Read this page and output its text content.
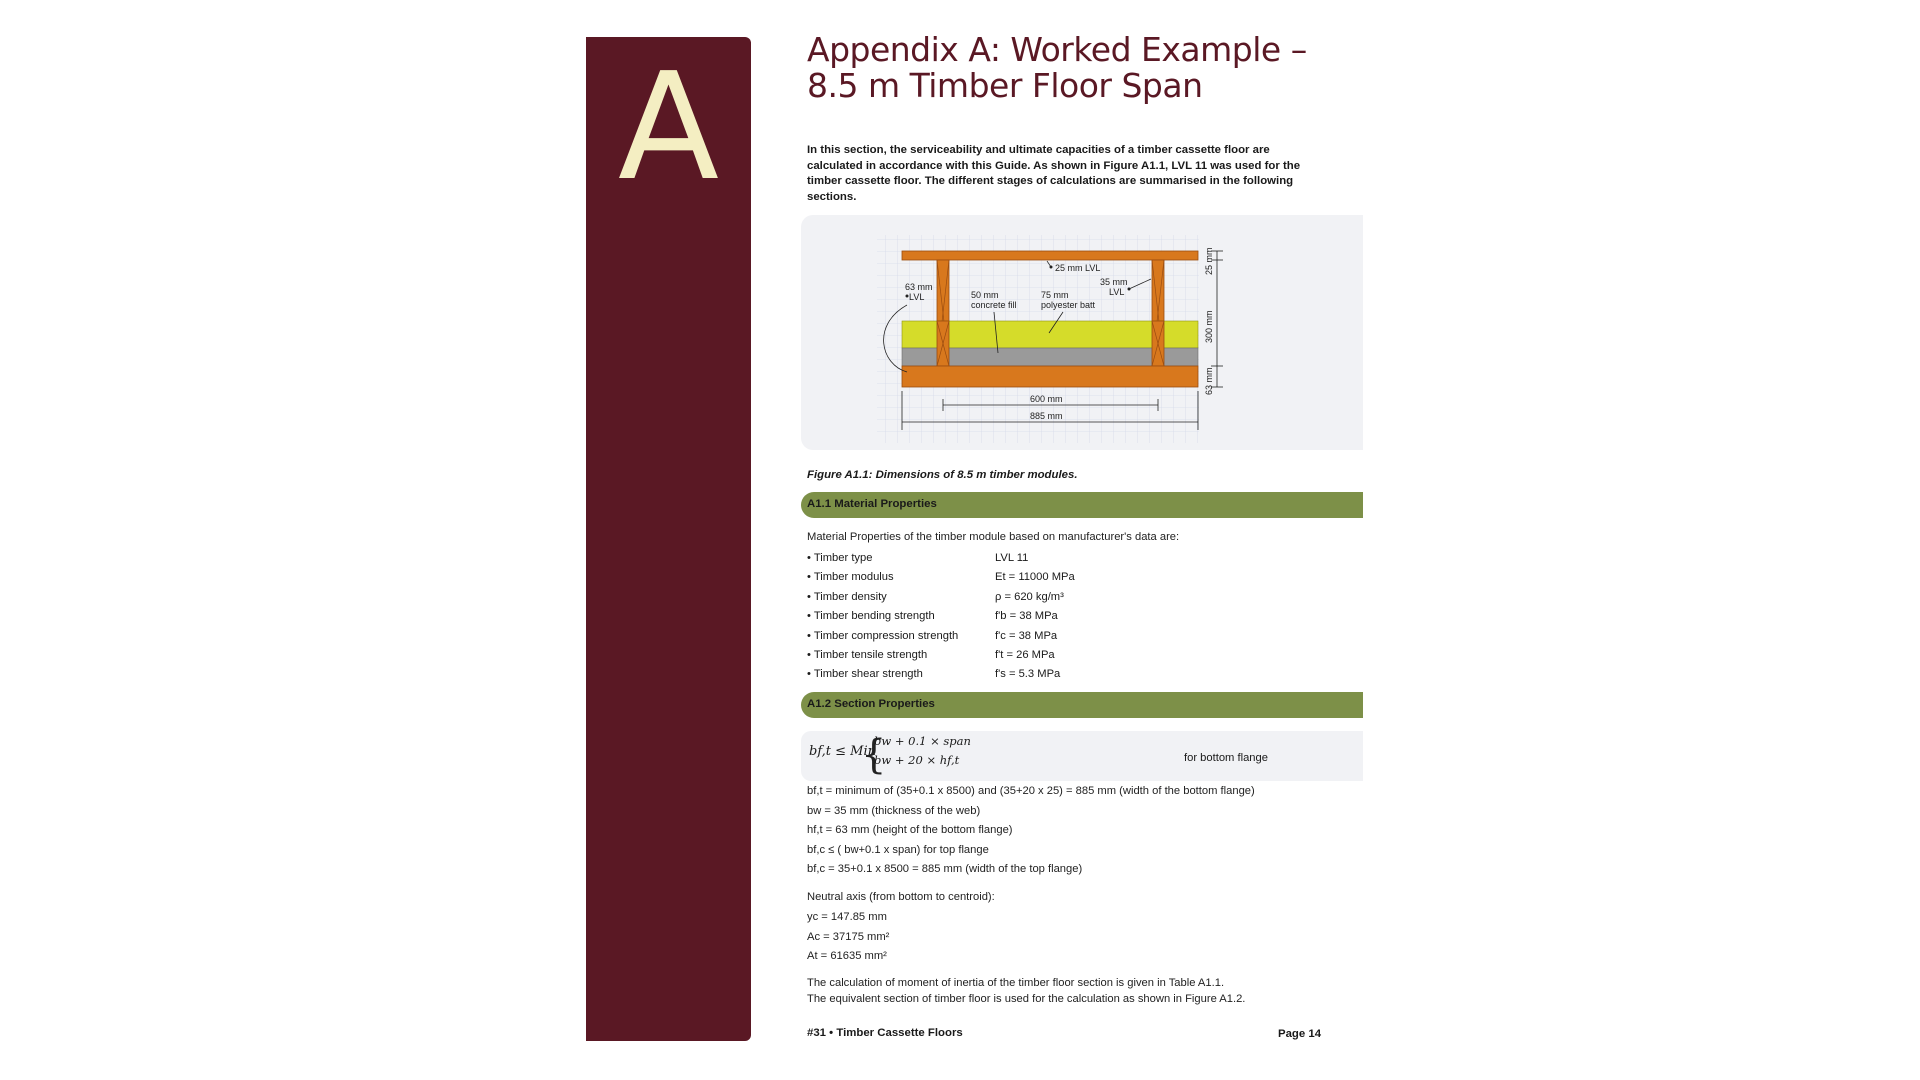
A	Appendix A: Worked Example –
8.5 m Timber Floor Span
In this section, the serviceability and ultimate capacities of a timber cassette floor are calculated in accordance with this Guide. As shown in Figure A1.1, LVL 11 was used for the timber cassette floor. The different stages of calculations are summarised in the following sections.
25 mm LVL
35 mm
LVL
63 mm
LVL	50 mm
concrete fill
75 mm
polyester batt
600 mm
885 mm
25 mm
300 mm
63 mm
Figure A1.1: Dimensions of 8.5 m timber modules.
A1.1 Material Properties
Material Properties of the timber module based on manufacturer's data are:
• Timber type	LVL 11
• Timber modulus	Et = 11000 MPa
• Timber density	ρ = 620 kg/m³
• Timber bending strength	f'b = 38 MPa
• Timber compression strength	f'c = 38 MPa
• Timber tensile strength	f't = 26 MPa
• Timber shear strength	f's = 5.3 MPa
A1.2 Section Properties
bf,t ≤ Min
{
bw + 0.1 × span
bw + 20 × hf,t	for bottom flange
bf,t = minimum of (35+0.1 x 8500) and (35+20 x 25) = 885 mm (width of the bottom flange)
bw = 35 mm (thickness of the web)
hf,t = 63 mm (height of the bottom flange)
bf,c ≤ ( bw+0.1 x span) for top flange
bf,c = 35+0.1 x 8500 = 885 mm (width of the top flange)
Neutral axis (from bottom to centroid):
yc = 147.85 mm
Ac = 37175 mm²
At = 61635 mm²
The calculation of moment of inertia of the timber floor section is given in Table A1.1.
The equivalent section of timber floor is used for the calculation as shown in Figure A1.2.
#31 • Timber Cassette Floors	Page 14
